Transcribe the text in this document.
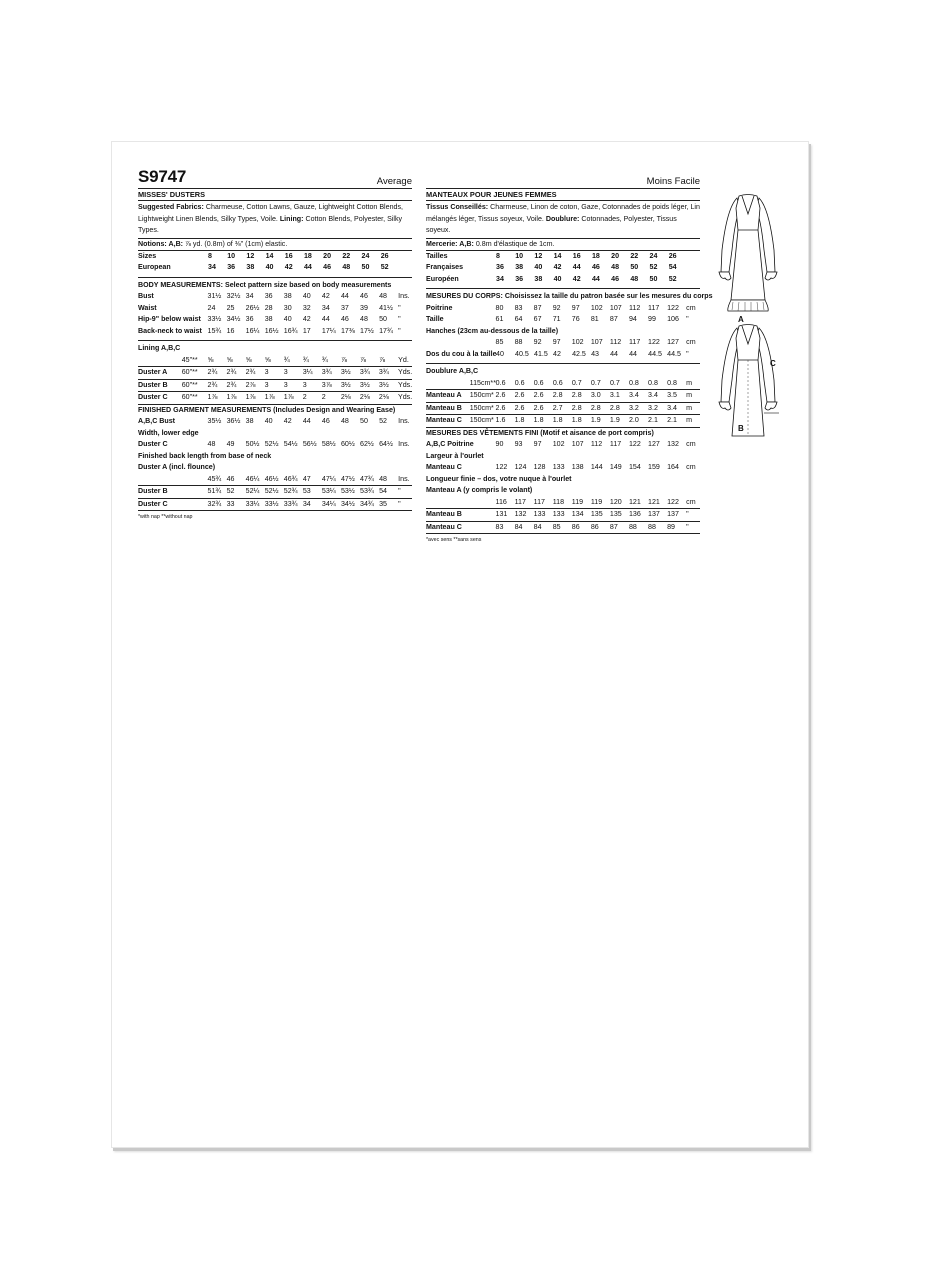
S9747	Average
MISSES' DUSTERS
Suggested Fabrics: Charmeuse, Cotton Lawns, Gauze, Lightweight Cotton Blends, Lightweight Linen Blends, Silky Types, Voile. Lining: Cotton Blends, Polyester, Silky Types.
Notions: A,B: ⅞ yd. (0.8m) of ⅜" (1cm) elastic.
Sizes	8	10	12	14	16	18	20	22	24	26
European	34	36	38	40	42	44	46	48	50	52
BODY MEASUREMENTS: Select pattern size based on body measurements
Bust	31½ 32½ 34	36	38	40	42	44	46	48	Ins.
Waist	24	25	26½ 28	30	32	34	37	39	41½ "
Hip-9" below waist 33½ 34½ 36	38	40	42	44	46	48	50	"
Back-neck to waist 15¾ 16	16¼ 16½ 16¾ 17	17¼ 17⅜ 17½ 17¾ "
Lining A,B,C
45"**	⅝	⅝	⅝	⅝	¾	¾	¾	⅞	⅞	⅞	Yd.
Duster A	60"**	2¾	2¾	2¾	3	3	3¼	3¾	3½	3¾	3¾	Yds.
Duster B	60"**	2¾	2¾	2⅞	3	3	3	3⅞	3½	3½	3½	Yds.
Duster C	60"**	1⅞	1⅞	1⅞	1⅞	1⅞	2	2	2⅛	2⅛	2⅛	Yds.
FINISHED GARMENT MEASUREMENTS (Includes Design and Wearing Ease)
A,B,C Bust	35½ 36½ 38	40	42	44	46	48	50	52	Ins.
Width, lower edge
Duster C	48	49	50½ 52½ 54½ 56½ 58½ 60½ 62½ 64½ Ins.
Finished back length from base of neck
Duster A (incl. flounce)
45¾ 46	46¼ 46½ 46¾ 47	47¼ 47½ 47¾ 48	Ins.
Duster B	51¾ 52	52¼ 52½ 52¾ 53	53¼ 53½ 53¾ 54	"
Duster C	32¾ 33	33¼ 33½ 33¾ 34	34¼ 34½ 34¾ 35	"
*with nap **without nap
Moins Facile
MANTEAUX POUR JEUNES FEMMES
Tissus Conseillés: Charmeuse, Linon de coton, Gaze, Cotonnades de poids léger, Lin mélangés léger, Tissus soyeux, Voile. Doublure: Cotonnades, Polyester, Tissus soyeux.
Mercerie: A,B: 0.8m d'élastique de 1cm.
Tailles	8	10	12	14	16	18	20	22	24	26
Françaises	36	38	40	42	44	46	48	50	52	54
Européen	34	36	38	40	42	44	46	48	50	52
MESURES DU CORPS: Choisissez la taille du patron basée sur les mesures du corps
Poitrine	80	83	87	92	97	102	107	112	117	122	cm
Taille	61	64	67	71	76	81	87	94	99	106	"
Hanches (23cm au-dessous de la taille)
85	88	92	97	102	107	112	117	122	127	cm
Dos du cou à la taille 40	40.5 41.5 42	42.5 43	44	44	44.5 44.5 "
Doublure A,B,C
115cm** 0.6	0.6	0.6	0.6	0.7	0.7	0.7	0.8	0.8	0.8	m
Manteau A	150cm* 2.6	2.6	2.6	2.8	2.8	3.0	3.1	3.4	3.4	3.5	m
Manteau B	150cm* 2.6	2.6	2.6	2.7	2.8	2.8	2.8	3.2	3.2	3.4	m
Manteau C	150cm* 1.6	1.8	1.8	1.8	1.8	1.9	1.9	2.0	2.1	2.1	m
MESURES DES VÊTEMENTS FINI (Motif et aisance de port compris)
A,B,C Poitrine	90	93	97	102	107	112	117	122	127	132	cm
Largeur à l'ourlet
Manteau C	122	124	128	133	138	144	149	154	159	164	cm
Longueur finie – dos, votre nuque à l'ourlet
Manteau A (y compris le volant)
116	117	117	118	119	119	120	121	121	122	cm
Manteau B	131	132	133	133	134	135	135	136	137	137	"
Manteau C	83	84	84	85	86	86	87	88	88	89	"
*avec sens **sans sens
A
C
B
